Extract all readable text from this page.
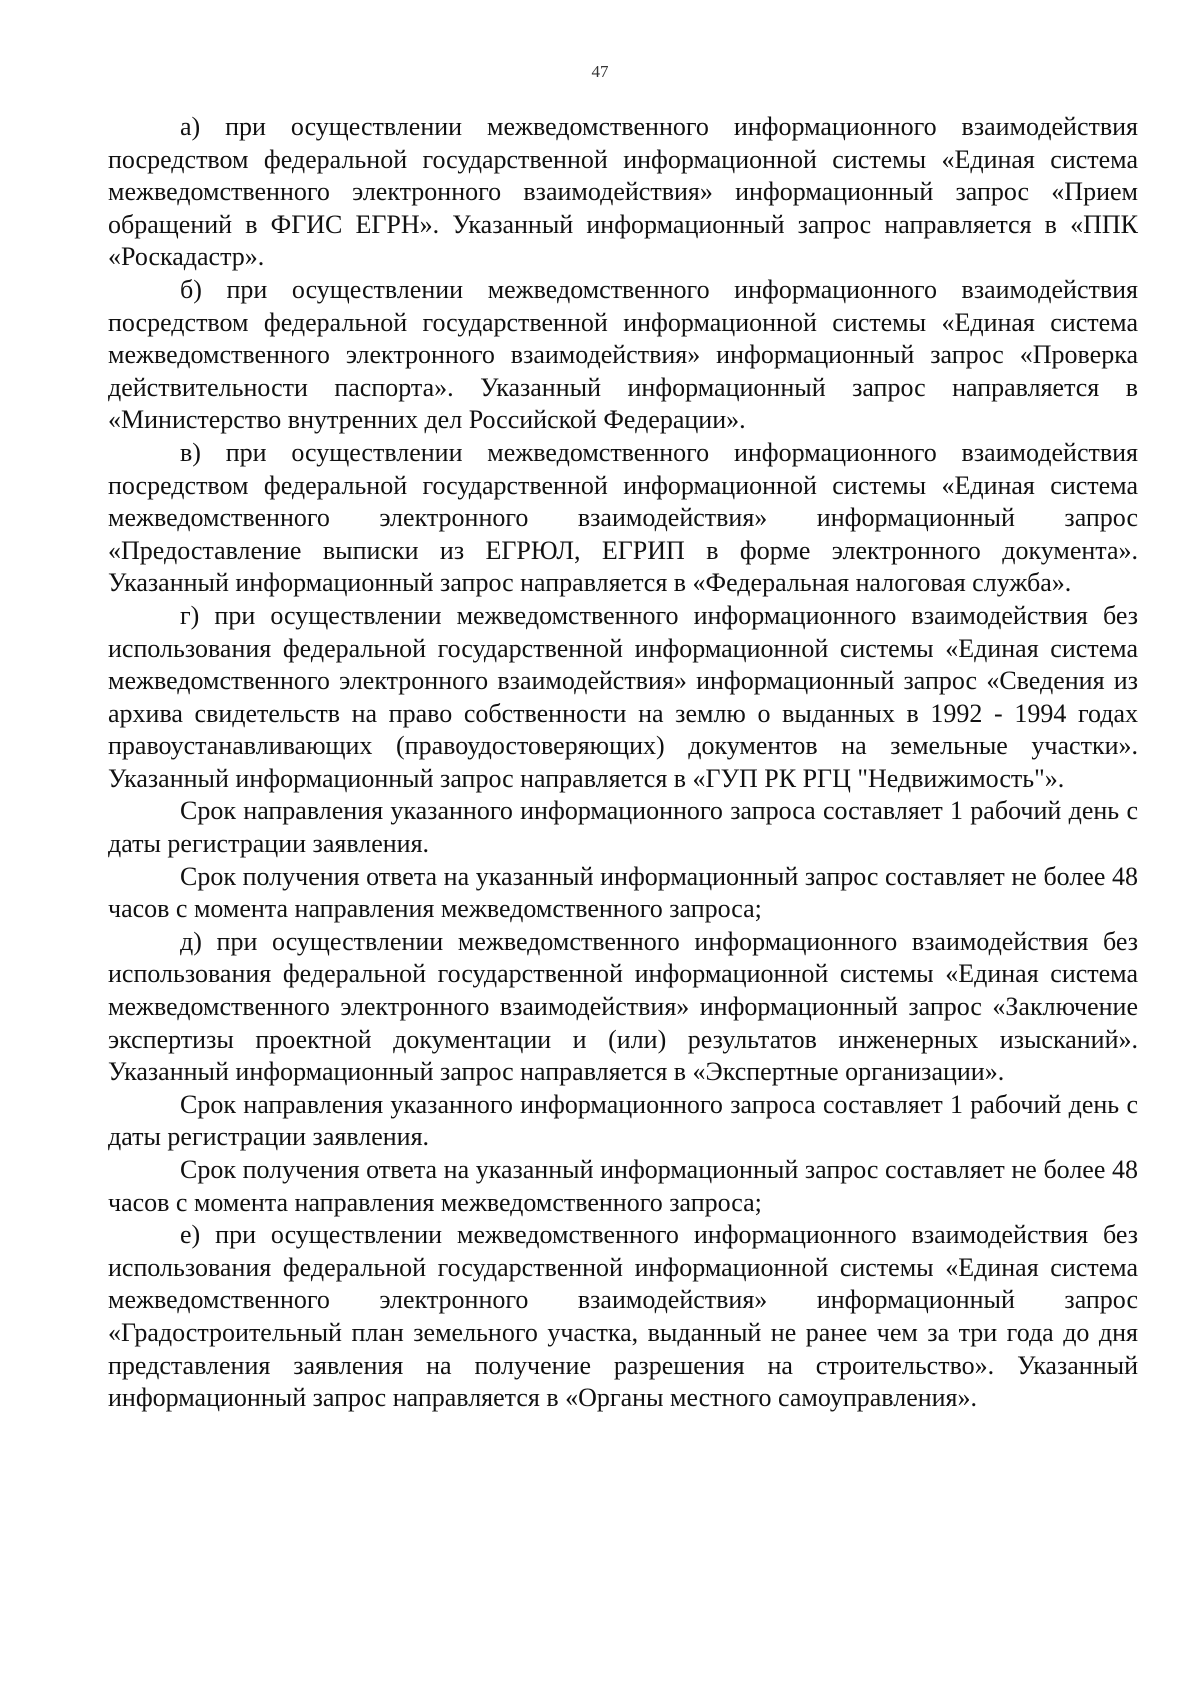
47

а) при осуществлении межведомственного информационного взаимодействия посредством федеральной государственной информационной системы «Единая система межведомственного электронного взаимодействия» информационный запрос «Прием обращений в ФГИС ЕГРН». Указанный информационный запрос направляется в «ППК «Роскадастр».

б) при осуществлении межведомственного информационного взаимодействия посредством федеральной государственной информационной системы «Единая система межведомственного электронного взаимодействия» информационный запрос «Проверка действительности паспорта». Указанный информационный запрос направляется в «Министерство внутренних дел Российской Федерации».

в) при осуществлении межведомственного информационного взаимодействия посредством федеральной государственной информационной системы «Единая система межведомственного электронного взаимодействия» информационный запрос «Предоставление выписки из ЕГРЮЛ, ЕГРИП в форме электронного документа». Указанный информационный запрос направляется в «Федеральная налоговая служба».

г) при осуществлении межведомственного информационного взаимодействия без использования федеральной государственной информационной системы «Единая система межведомственного электронного взаимодействия» информационный запрос «Сведения из архива свидетельств на право собственности на землю о выданных в 1992 - 1994 годах правоустанавливающих (правоудостоверяющих) документов на земельные участки». Указанный информационный запрос направляется в «ГУП РК РГЦ "Недвижимость"».

Срок направления указанного информационного запроса составляет 1 рабочий день с даты регистрации заявления.

Срок получения ответа на указанный информационный запрос составляет не более 48 часов с момента направления межведомственного запроса;

д) при осуществлении межведомственного информационного взаимодействия без использования федеральной государственной информационной системы «Единая система межведомственного электронного взаимодействия» информационный запрос «Заключение экспертизы проектной документации и (или) результатов инженерных изысканий». Указанный информационный запрос направляется в «Экспертные организации».

Срок направления указанного информационного запроса составляет 1 рабочий день с даты регистрации заявления.

Срок получения ответа на указанный информационный запрос составляет не более 48 часов с момента направления межведомственного запроса;

е) при осуществлении межведомственного информационного взаимодействия без использования федеральной государственной информационной системы «Единая система межведомственного электронного взаимодействия» информационный запрос «Градостроительный план земельного участка, выданный не ранее чем за три года до дня представления заявления на получение разрешения на строительство». Указанный информационный запрос направляется в «Органы местного самоуправления».
